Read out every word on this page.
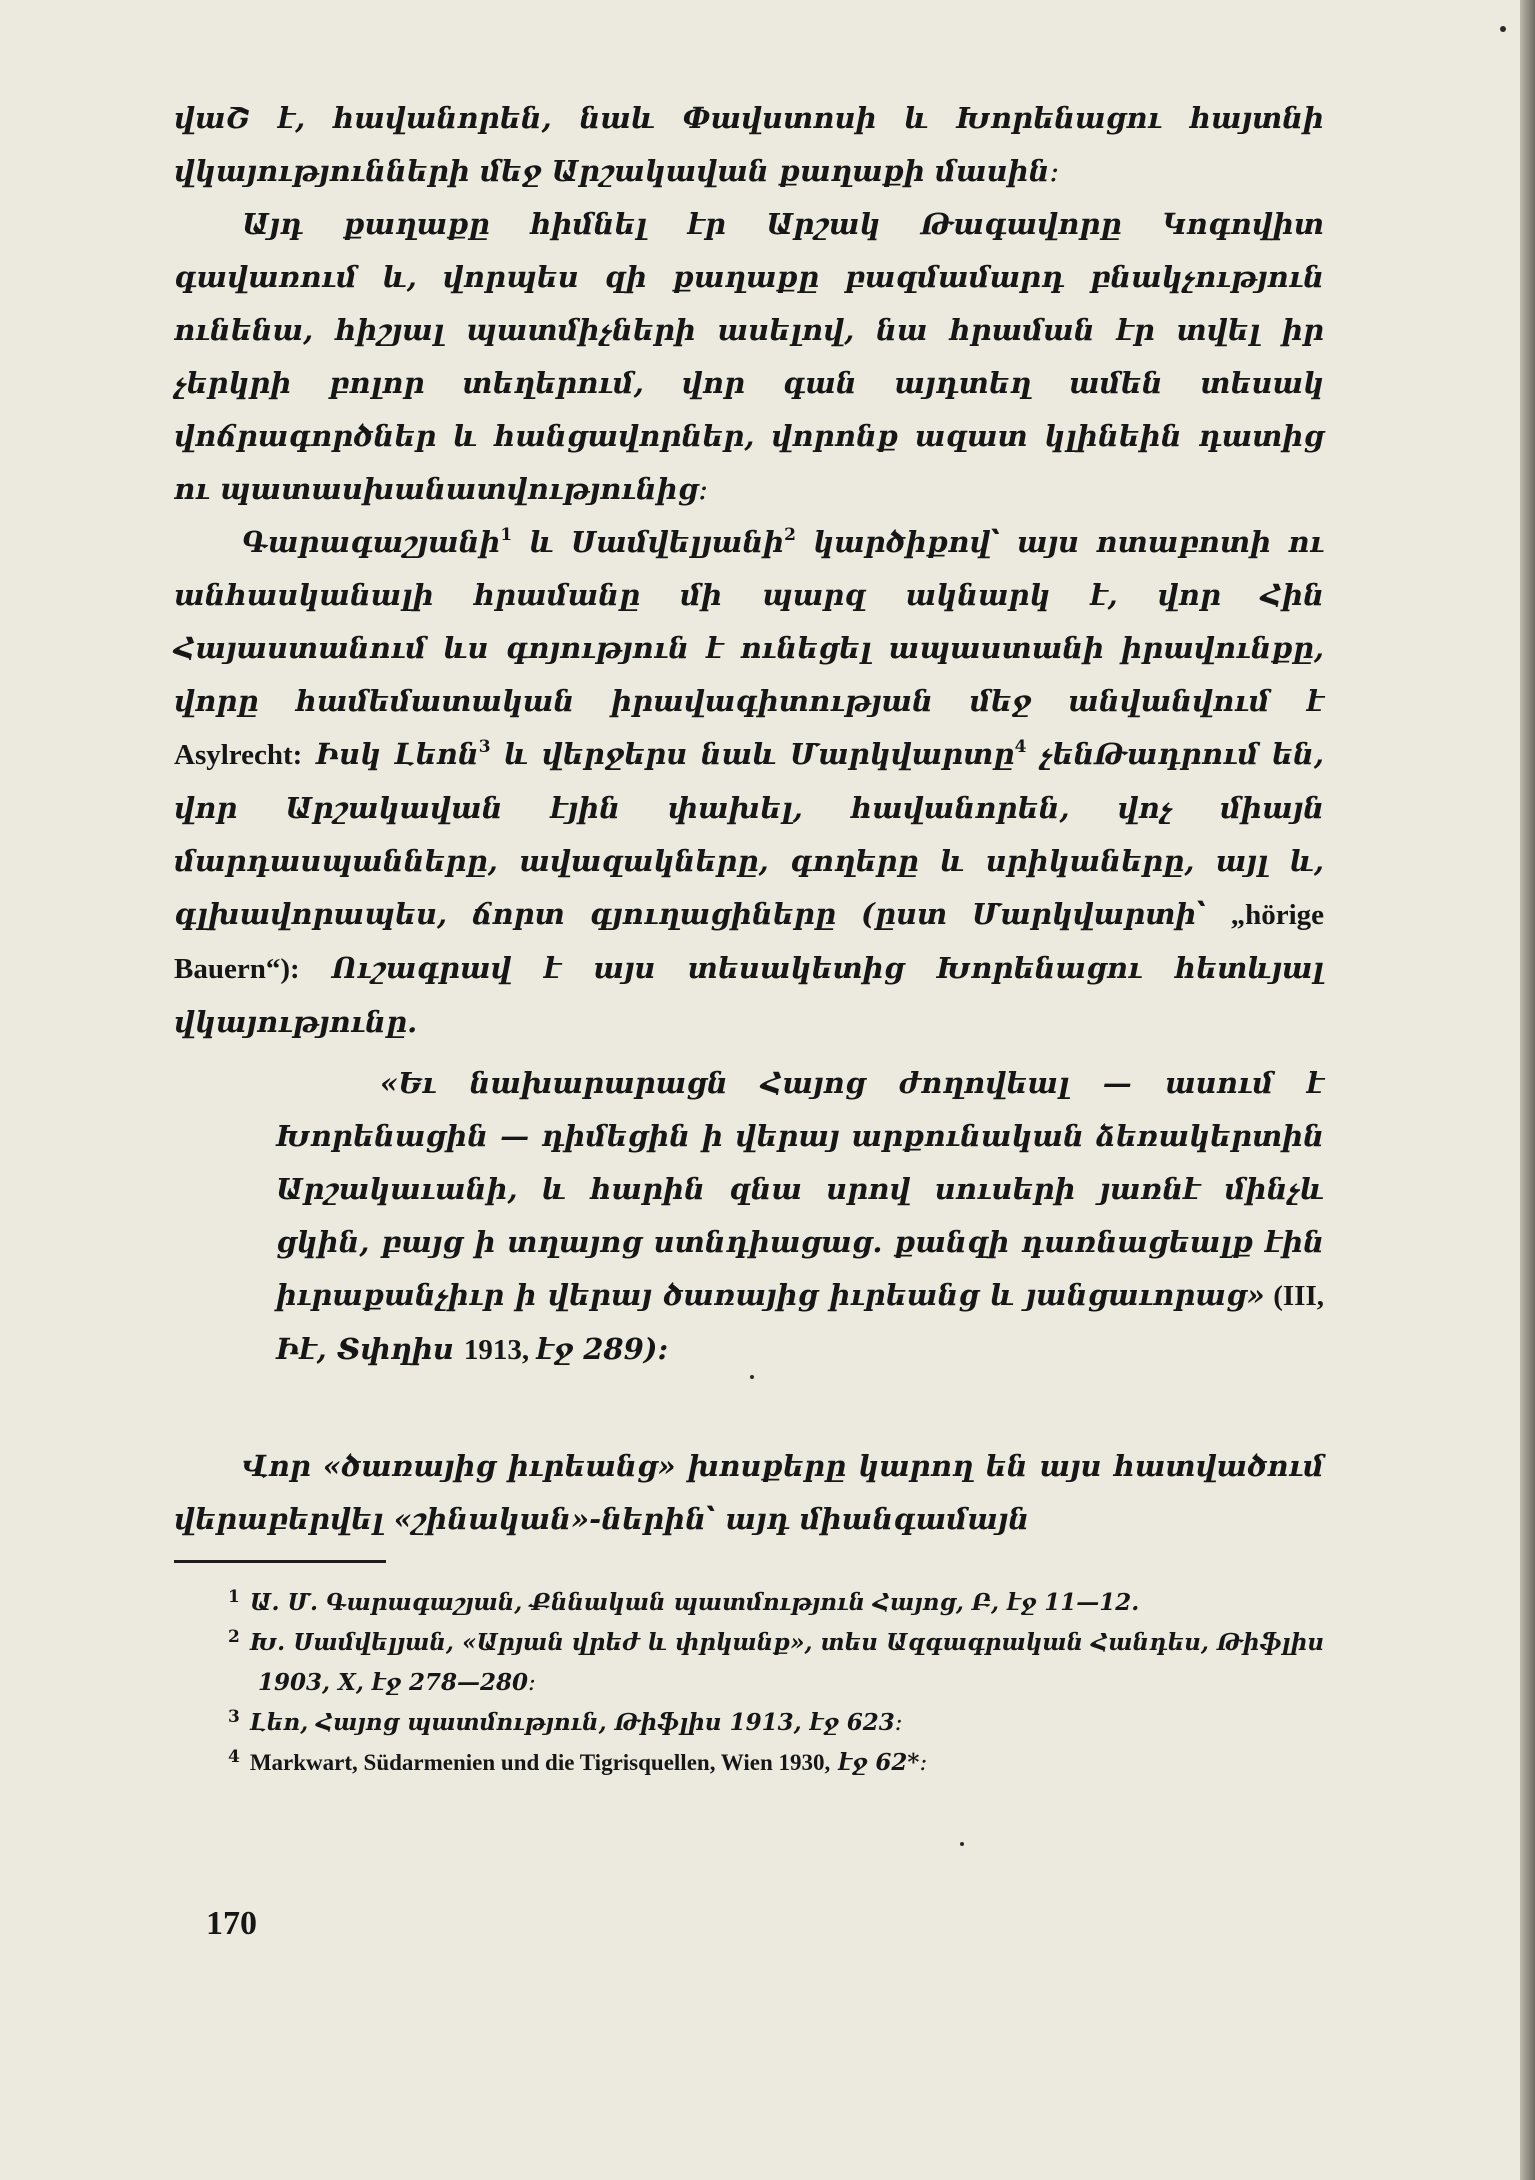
վաՇ է, հավանորեն, նաև Փավստոսի և Խորենացու հայտնի վկայությունների մեջ Արշակավան քաղաքի մասին։

Այդ քաղաքը հիմնել էր Արշակ Թագավորը Կոգովիտ գավառում և, վորպես զի քաղաքը բազմամարդ բնակչություն ունենա, հիշյալ պատմիչների ասելով, նա հրաման էր տվել իր չերկրի բոլոր տեղերում, վոր գան այդտեղ ամեն տեսակ վոճրագործներ և հանցավորներ, վորոնք ազատ կլինեին դատից ու պատասխանատվությունից։

Գարագաշյանի$^1$ և Սամվելյանի$^2$ կարծիքով՝ այս ոտաբոտի ու անհասկանալի հրամանը մի պարզ ակնարկ է, վոր Հին Հայաստանում ևս գոյություն է ունեցել ապաստանի իրավունքը, վորը համեմատական իրավագիտության մեջ անվանվում է Asylrecht: Իսկ Լեոն$^3$ և վերջերս նաև Մարկվարտը$^4$ չենԹադրում են, վոր Արշակավան էյին փախել, հավանորեն, վոչ միայն մարդասպանները, ավազակները, գողերը և սրիկաները, այլ և, գլխավորապես, ճորտ գյուղացիները (ըստ Մարկվարտի՝ „hörige Bauern“): Ուշագրավ է այս տեսակետից Խորենացու հետևյալ վկայությունը.

«Եւ նախարարացն Հայոց ժողովեալ — ասում է Խորենացին — դիմեցին ի վերայ արքունական ձեռակերտին Արշակաւանի, և հարին զնա սրով սուսերի յառնէ մինչև ցկին, բայց ի տղայոց ստնդիացաց. քանզի դառնացեալք էին իւրաքանչիւր ի վերայ ծառայից իւրեանց և յանցաւորաց» (III, Իէ, Տփղիս 1913, էջ 289):

Վոր «ծառայից իւրեանց» խոսքերը կարող են այս հատվածում վերաբերվել «շինական»-ներին՝ այդ միանգամայն

$^1$ Ա. Մ. Գարագաշյան, Քննական պատմություն Հայոց, Բ, էջ 11—12.
$^2$ Խ. Սամվելյան, «Արյան վրեժ և փրկանք», տես Ազգագրական Հանդես, Թիֆլիս 1903, X, էջ 278—280։
$^3$ Լեո, Հայոց պատմություն, Թիֆլիս 1913, էջ 623։
$^4$ Markwart, Südarmenien und die Tigrisquellen, Wien 1930, էջ 62*։

170
